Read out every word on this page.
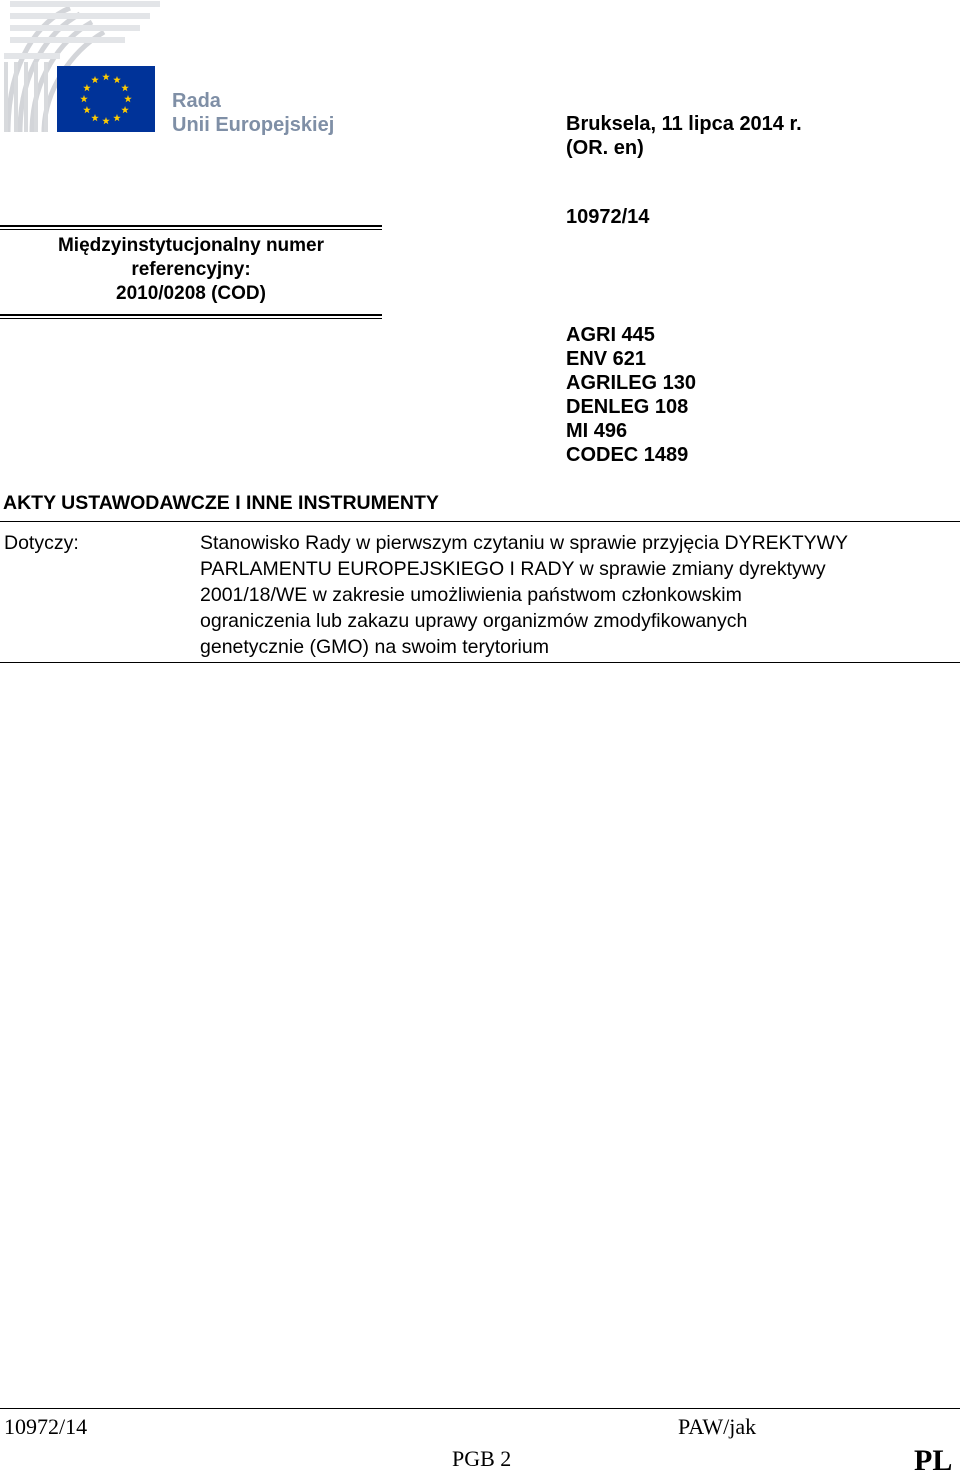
Rada
Unii Europejskiej	Bruksela, 11 lipca 2014 r.
(OR. en)
10972/14
Międzyinstytucjonalny numer
referencyjny:
2010/0208 (COD)
AGRI 445
ENV 621
AGRILEG 130
DENLEG 108
MI 496
CODEC 1489
AKTY USTAWODAWCZE I INNE INSTRUMENTY
Dotyczy:	Stanowisko Rady w pierwszym czytaniu w sprawie przyjęcia DYREKTYWY
PARLAMENTU EUROPEJSKIEGO I RADY w sprawie zmiany dyrektywy
2001/18/WE w zakresie umożliwienia państwom członkowskim
ograniczenia lub zakazu uprawy organizmów zmodyfikowanych
genetycznie (GMO) na swoim terytorium
10972/14	PAW/jak
PGB 2	PL
